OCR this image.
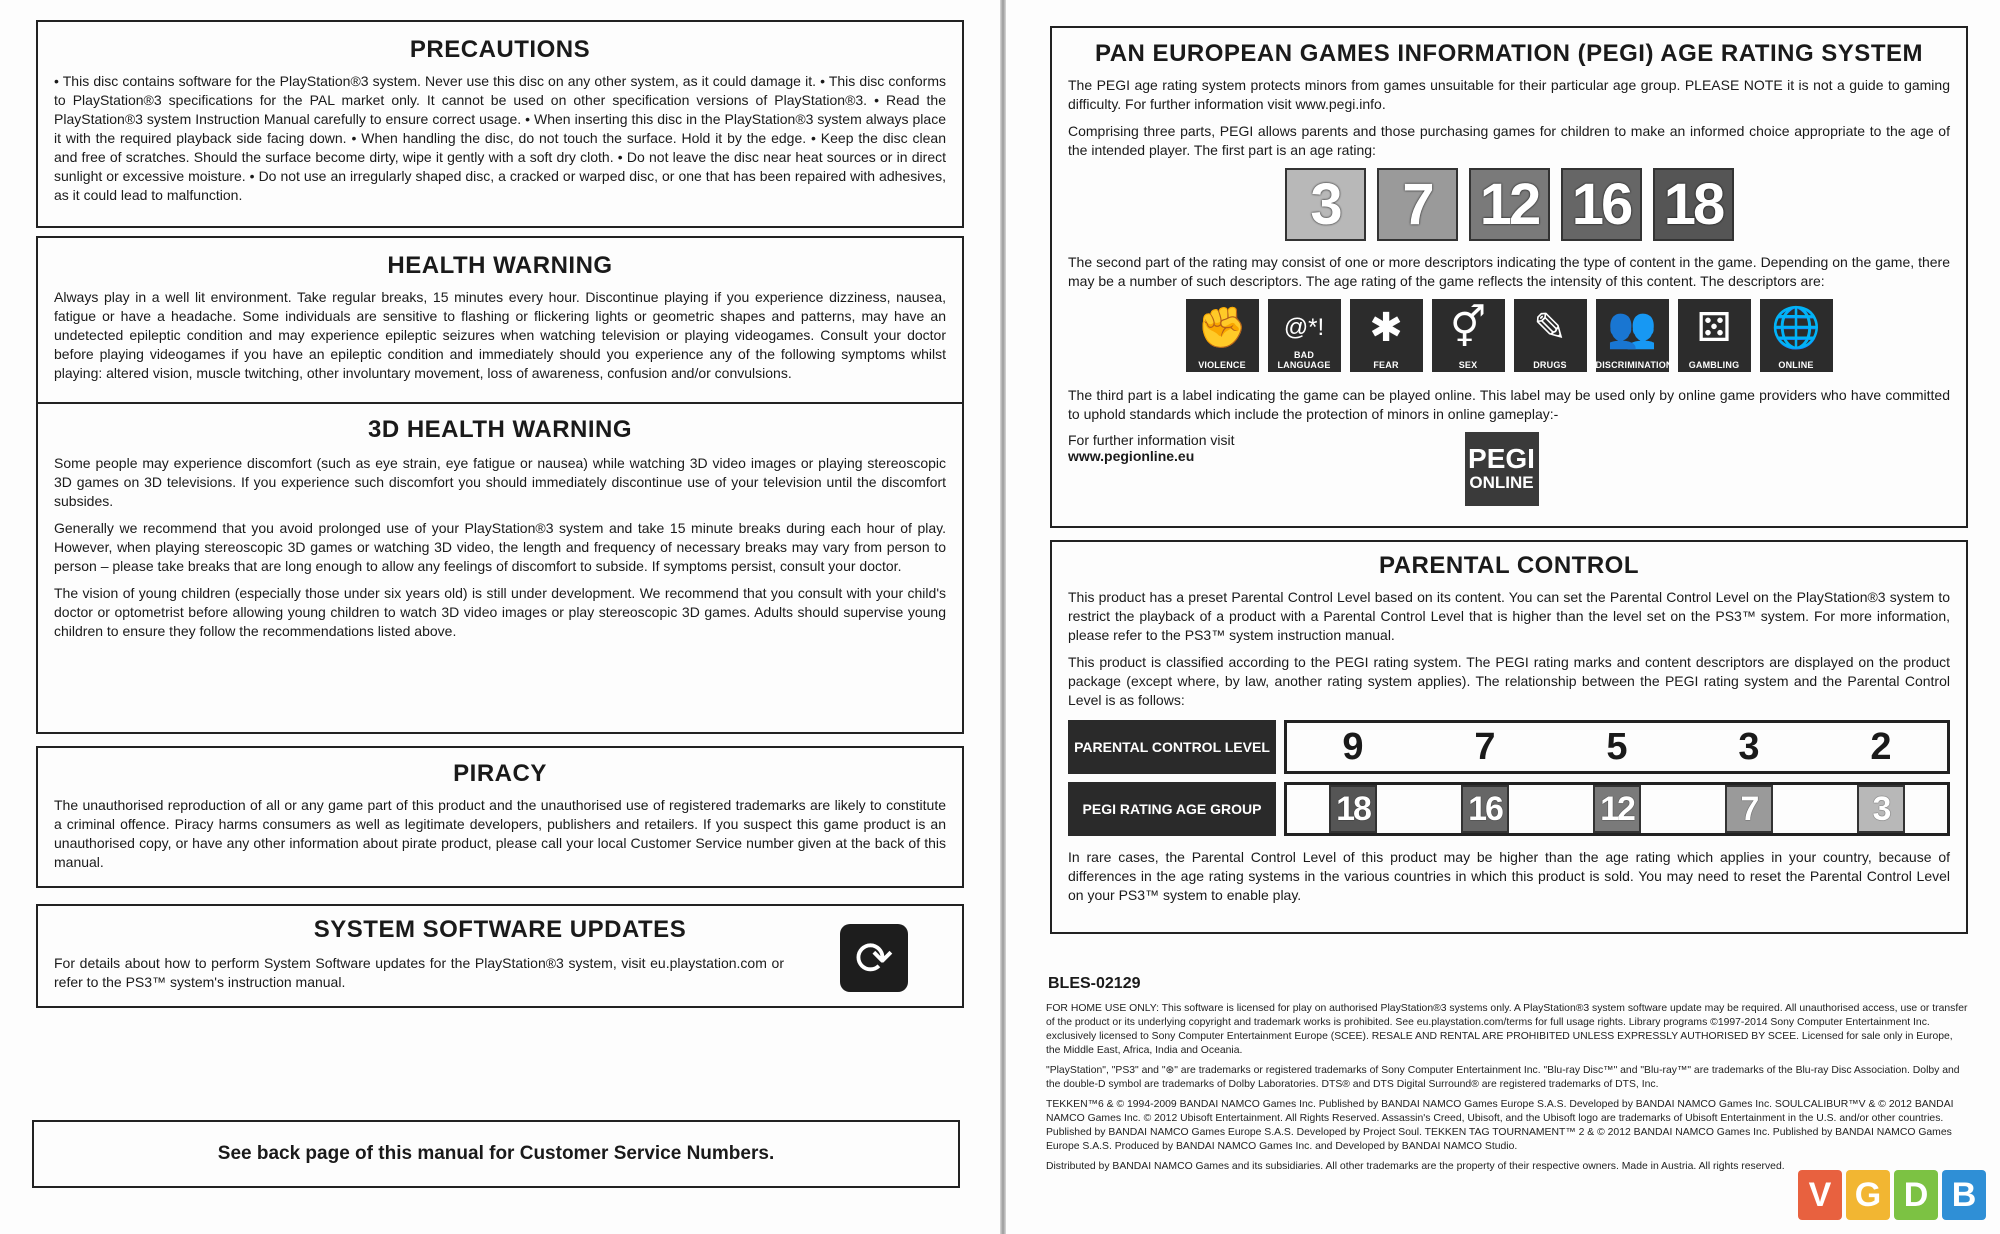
PRECAUTIONS

• This disc contains software for the PlayStation®3 system. Never use this disc on any other system, as it could damage it. • This disc conforms to PlayStation®3 specifications for the PAL market only. It cannot be used on other specification versions of PlayStation®3. • Read the PlayStation®3 system Instruction Manual carefully to ensure correct usage. • When inserting this disc in the PlayStation®3 system always place it with the required playback side facing down. • When handling the disc, do not touch the surface. Hold it by the edge. • Keep the disc clean and free of scratches. Should the surface become dirty, wipe it gently with a soft dry cloth. • Do not leave the disc near heat sources or in direct sunlight or excessive moisture. • Do not use an irregularly shaped disc, a cracked or warped disc, or one that has been repaired with adhesives, as it could lead to malfunction.

HEALTH WARNING

Always play in a well lit environment. Take regular breaks, 15 minutes every hour. Discontinue playing if you experience dizziness, nausea, fatigue or have a headache. Some individuals are sensitive to flashing or flickering lights or geometric shapes and patterns, may have an undetected epileptic condition and may experience epileptic seizures when watching television or playing videogames. Consult your doctor before playing videogames if you have an epileptic condition and immediately should you experience any of the following symptoms whilst playing: altered vision, muscle twitching, other involuntary movement, loss of awareness, confusion and/or convulsions.

3D HEALTH WARNING

Some people may experience discomfort (such as eye strain, eye fatigue or nausea) while watching 3D video images or playing stereoscopic 3D games on 3D televisions. If you experience such discomfort you should immediately discontinue use of your television until the discomfort subsides.

Generally we recommend that you avoid prolonged use of your PlayStation®3 system and take 15 minute breaks during each hour of play. However, when playing stereoscopic 3D games or watching 3D video, the length and frequency of necessary breaks may vary from person to person – please take breaks that are long enough to allow any feelings of discomfort to subside. If symptoms persist, consult your doctor.

The vision of young children (especially those under six years old) is still under development. We recommend that you consult with your child's doctor or optometrist before allowing young children to watch 3D video images or play stereoscopic 3D games. Adults should supervise young children to ensure they follow the recommendations listed above.

PIRACY

The unauthorised reproduction of all or any game part of this product and the unauthorised use of registered trademarks are likely to constitute a criminal offence. Piracy harms consumers as well as legitimate developers, publishers and retailers. If you suspect this game product is an unauthorised copy, or have any other information about pirate product, please call your local Customer Service number given at the back of this manual.

SYSTEM SOFTWARE UPDATES

For details about how to perform System Software updates for the PlayStation®3 system, visit eu.playstation.com or refer to the PS3™ system's instruction manual.	⟳
See back page of this manual for Customer Service Numbers.
PAN EUROPEAN GAMES INFORMATION (PEGI) AGE RATING SYSTEM

The PEGI age rating system protects minors from games unsuitable for their particular age group. PLEASE NOTE it is not a guide to gaming difficulty. For further information visit www.pegi.info.

Comprising three parts, PEGI allows parents and those purchasing games for children to make an informed choice appropriate to the age of the intended player. The first part is an age rating:

3	7 12 16 18

The second part of the rating may consist of one or more descriptors indicating the type of content in the game. Depending on the game, there may be a number of such descriptors. The age rating of the game reflects the intensity of this content. The descriptors are:

✊
VIOLENCE
@*!
BAD LANGUAGE
✱
FEAR
⚥
SEX
✎
DRUGS
👥
DISCRIMINATION
⚄
GAMBLING
🌐
ONLINE

The third part is a label indicating the game can be played online. This label may be used only by online game providers who have committed to uphold standards which include the protection of minors in online gameplay:-

For further information visit
www.pegionline.eu	PEGI
ONLINE
PARENTAL CONTROL

This product has a preset Parental Control Level based on its content. You can set the Parental Control Level on the PlayStation®3 system to restrict the playback of a product with a Parental Control Level that is higher than the level set on the PS3™ system. For more information, please refer to the PS3™ system instruction manual.

This product is classified according to the PEGI rating system. The PEGI rating marks and content descriptors are displayed on the product package (except where, by law, another rating system applies). The relationship between the PEGI rating system and the Parental Control Level is as follows:

PARENTAL CONTROL LEVEL	9	7	5	3	2
PEGI RATING AGE GROUP	18	16	12	7	3

In rare cases, the Parental Control Level of this product may be higher than the age rating which applies in your country, because of differences in the age rating systems in the various countries in which this product is sold. You may need to reset the Parental Control Level on your PS3™ system to enable play.

BLES-02129

FOR HOME USE ONLY: This software is licensed for play on authorised PlayStation®3 systems only. A PlayStation®3 system software update may be required. All unauthorised access, use or transfer of the product or its underlying copyright and trademark works is prohibited. See eu.playstation.com/terms for full usage rights. Library programs ©1997-2014 Sony Computer Entertainment Inc. exclusively licensed to Sony Computer Entertainment Europe (SCEE). RESALE AND RENTAL ARE PROHIBITED UNLESS EXPRESSLY AUTHORISED BY SCEE. Licensed for sale only in Europe, the Middle East, Africa, India and Oceania.

"PlayStation", "PS3" and "⊛" are trademarks or registered trademarks of Sony Computer Entertainment Inc. "Blu-ray Disc™" and "Blu-ray™" are trademarks of the Blu-ray Disc Association. Dolby and the double-D symbol are trademarks of Dolby Laboratories. DTS® and DTS Digital Surround® are registered trademarks of DTS, Inc.

TEKKEN™6 & © 1994-2009 BANDAI NAMCO Games Inc. Published by BANDAI NAMCO Games Europe S.A.S. Developed by BANDAI NAMCO Games Inc. SOULCALIBUR™V & © 2012 BANDAI NAMCO Games Inc. © 2012 Ubisoft Entertainment. All Rights Reserved. Assassin's Creed, Ubisoft, and the Ubisoft logo are trademarks of Ubisoft Entertainment in the U.S. and/or other countries. Published by BANDAI NAMCO Games Europe S.A.S. Developed by Project Soul. TEKKEN TAG TOURNAMENT™ 2 & © 2012 BANDAI NAMCO Games Inc. Published by BANDAI NAMCO Games Europe S.A.S. Produced by BANDAI NAMCO Games Inc. and Developed by BANDAI NAMCO Studio.

Distributed by BANDAI NAMCO Games and its subsidiaries. All other trademarks are the property of their respective owners. Made in Austria. All rights reserved.

V G D B
